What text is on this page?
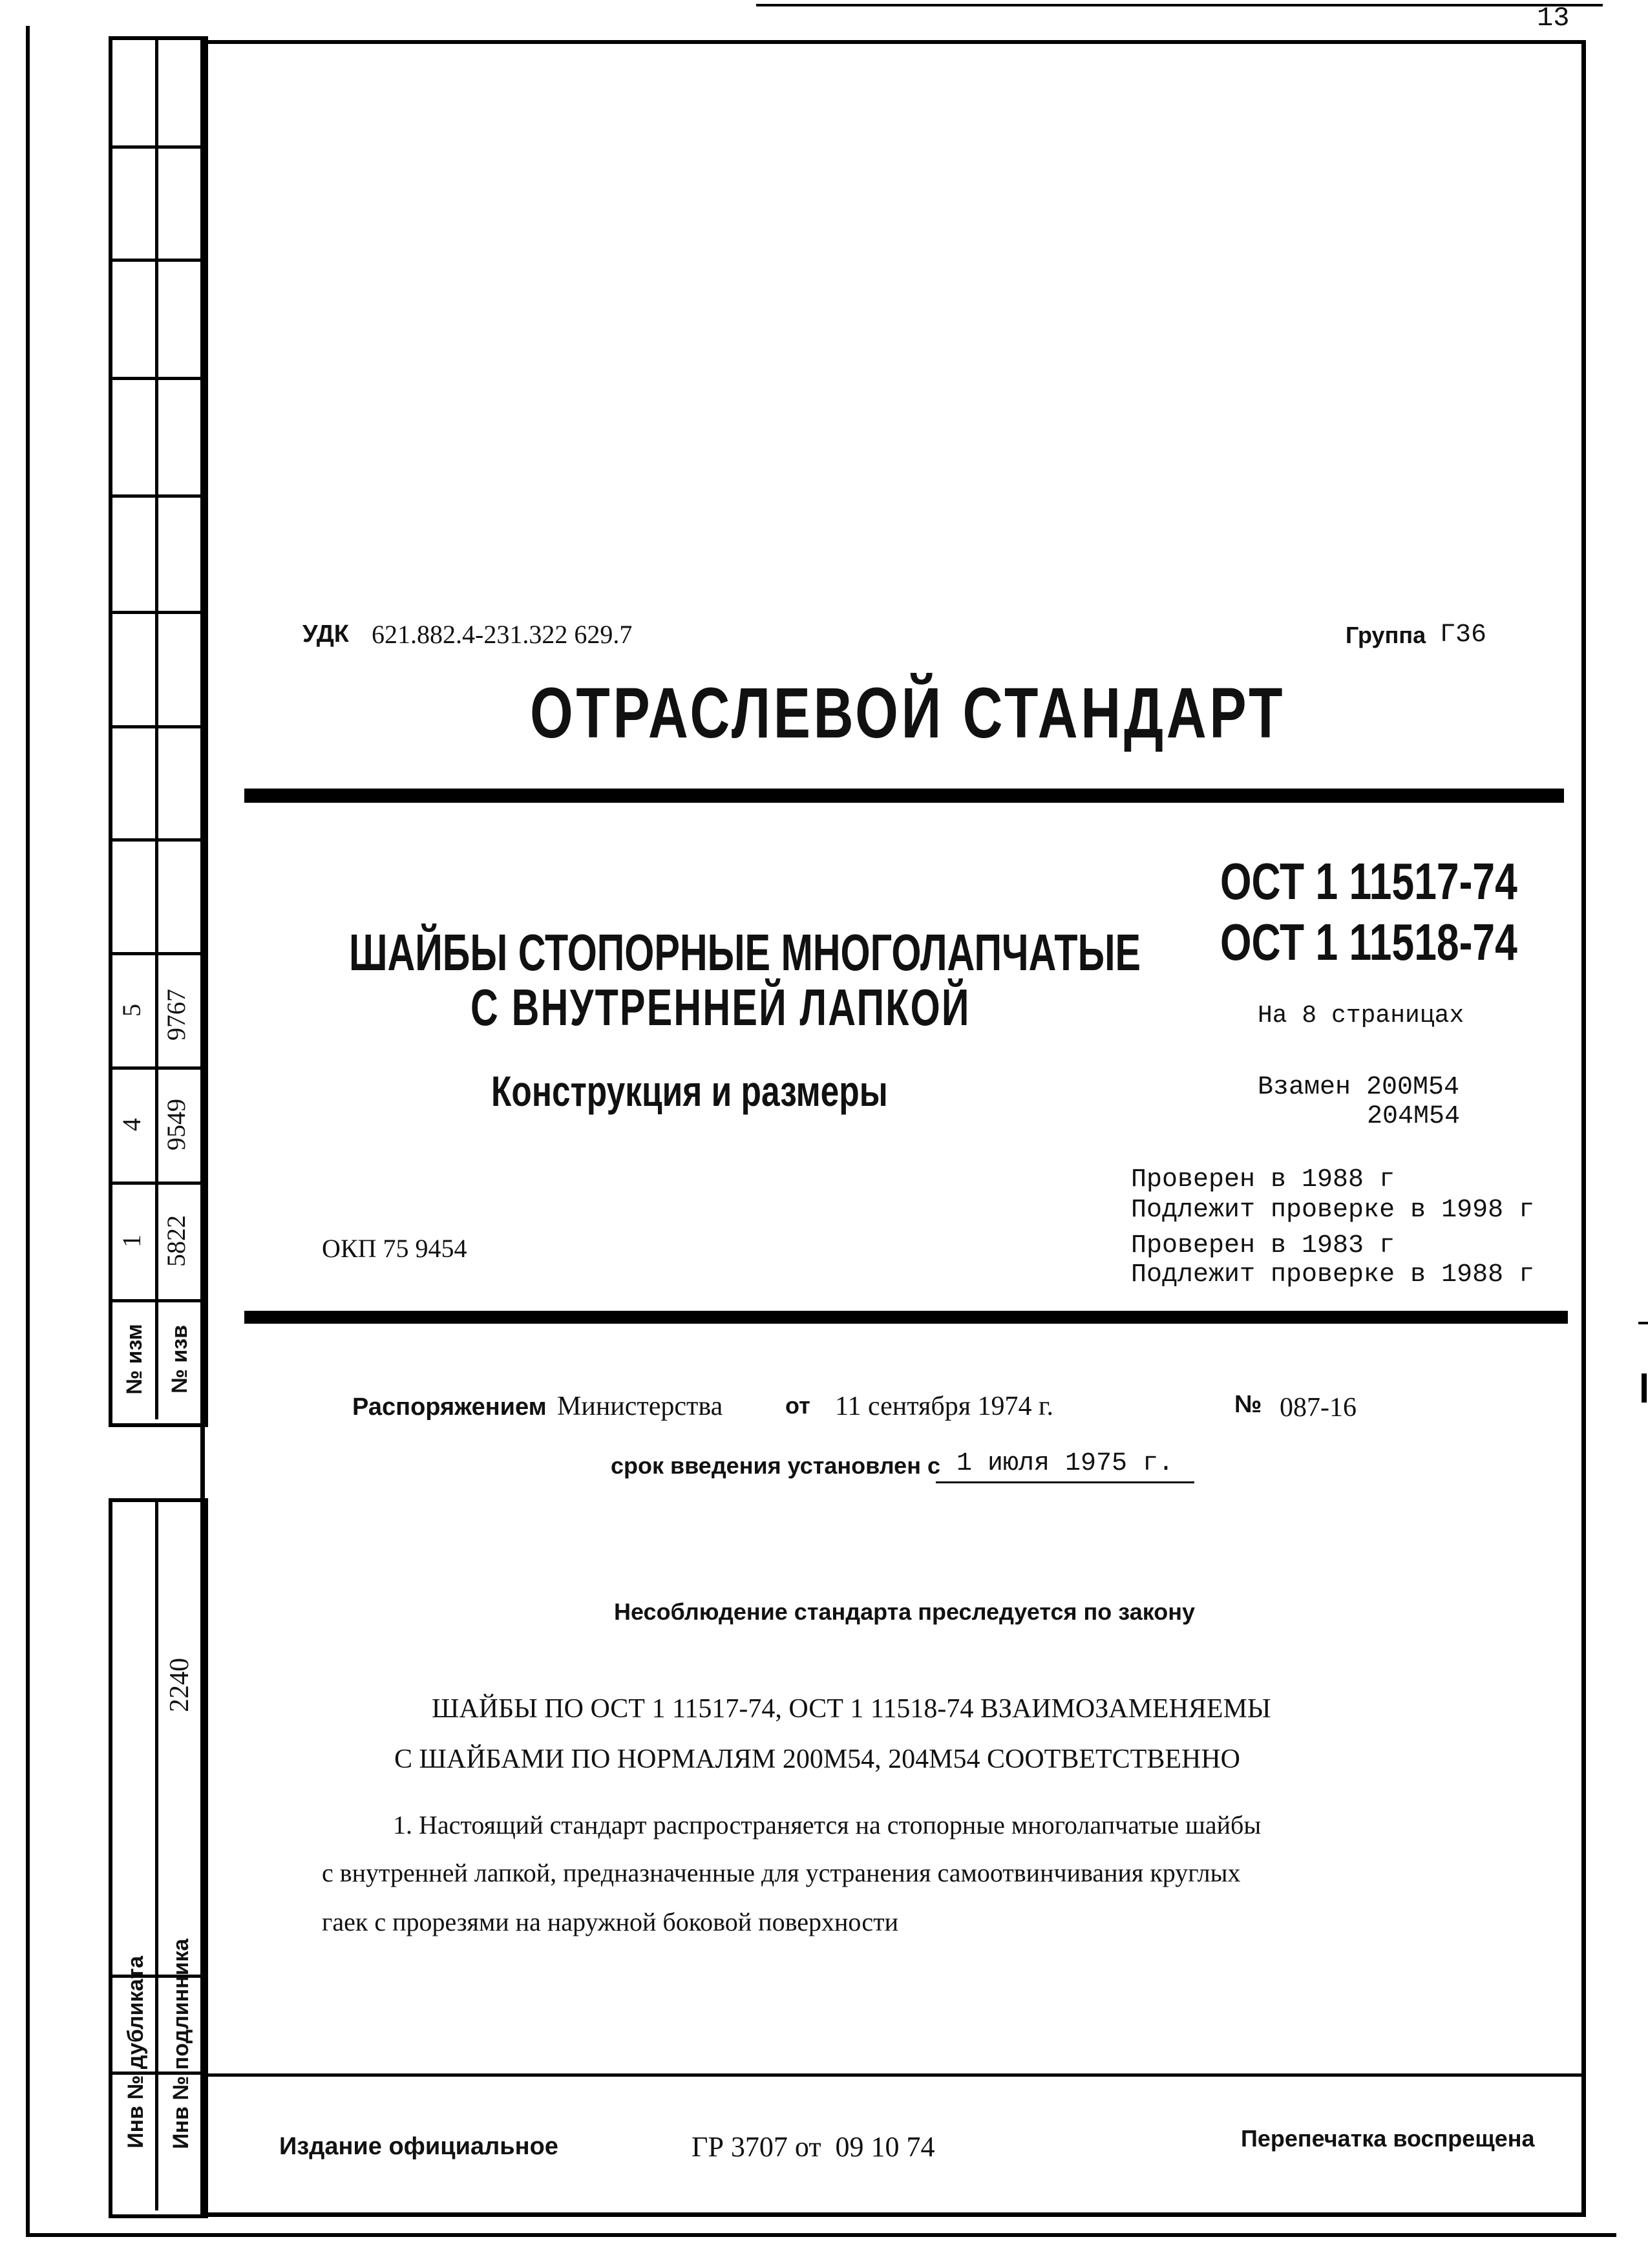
13
5 9767
4 9549
1 5822
№ изм № изв
2240
Инв № дубликата Инв № подлинника
УДК 621.882.4-231.322 629.7	Группа Г36
ОТРАСЛЕВОЙ СТАНДАРТ
ОСТ 1 11517-74
ОСТ 1 11518-74
ШАЙБЫ СТОПОРНЫЕ МНОГОЛАПЧАТЫЕ
С ВНУТРЕННЕЙ ЛАПКОЙ
Конструкция и размеры
На 8 страницах
Взамен 200М54
204М54
Проверен в 1988 г
Подлежит проверке в 1998 г
Проверен в 1983 г
Подлежит проверке в 1988 г
ОКП 75 9454
Распоряжением Министерства	от 11 сентября 1974 г.	№ 087-16
срок введения установлен с 1 июля 1975 г.
Несоблюдение стандарта преследуется по закону
ШАЙБЫ ПО ОСТ 1 11517-74, ОСТ 1 11518-74 ВЗАИМОЗАМЕНЯЕМЫ
С ШАЙБАМИ ПО НОРМАЛЯМ 200М54, 204М54 СООТВЕТСТВЕННО
1. Настоящий стандарт распространяется на стопорные многолапчатые шайбы
с внутренней лапкой, предназначенные для устранения самоотвинчивания круглых
гаек с прорезями на наружной боковой поверхности
Издание официальное	ГР 3707 от  09 10 74	Перепечатка воспрещена
